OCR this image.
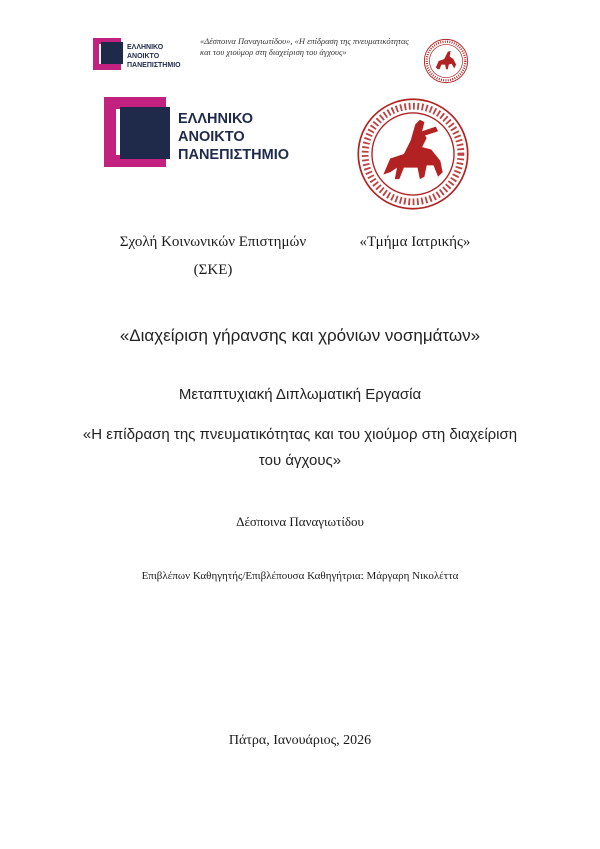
ΕΛΛΗΝΙΚΟ
ΑΝΟΙΚΤΟ
ΠΑΝΕΠΙΣΤΗΜΙΟ
«Δέσποινα Παναγιωτίδου», «Η επίδραση της πνευματικότητας και του χιούμορ στη διαχείριση του άγχους»
ΕΛΛΗΝΙΚΟ
ΑΝΟΙΚΤΟ
ΠΑΝΕΠΙΣΤΗΜΙΟ
Σχολή Κοινωνικών Επιστημών
(ΣΚΕ)
«Τμήμα Ιατρικής»
«Διαχείριση γήρανσης και χρόνιων νοσημάτων»
Μεταπτυχιακή Διπλωματική Εργασία
«Η επίδραση της πνευματικότητας και του χιούμορ στη διαχείριση του άγχους»
Δέσποινα Παναγιωτίδου
Επιβλέπων Καθηγητής/Επιβλέπουσα Καθηγήτρια: Μάργαρη Νικολέττα
Πάτρα, Ιανουάριος, 2026
